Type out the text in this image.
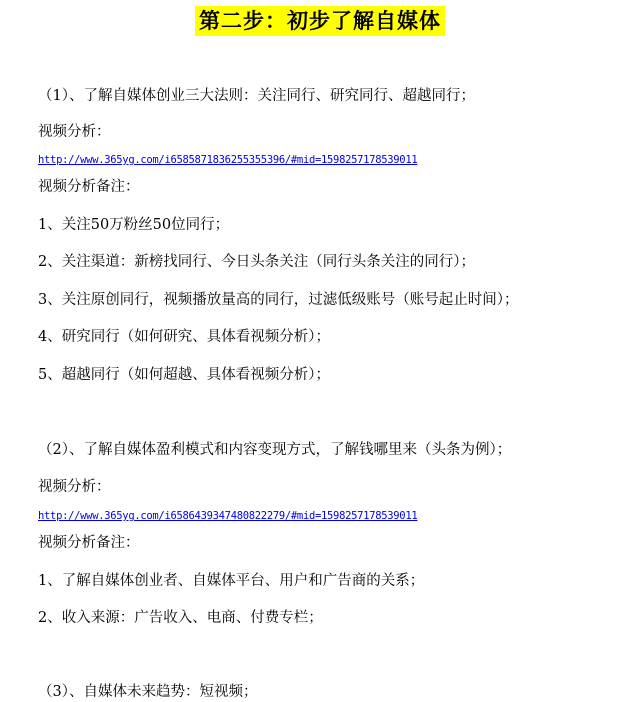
第二步：初步了解自媒体
（1）、了解自媒体创业三大法则：关注同行、研究同行、超越同行；
视频分析：
http://www.365yg.com/i6585871836255355396/#mid=1598257178539011
视频分析备注：
1、关注50万粉丝50位同行；
2、关注渠道：新榜找同行、今日头条关注（同行头条关注的同行）；
3、关注原创同行，视频播放量高的同行，过滤低级账号（账号起止时间）；
4、研究同行（如何研究、具体看视频分析）；
5、超越同行（如何超越、具体看视频分析）；
（2）、了解自媒体盈利模式和内容变现方式，了解钱哪里来（头条为例）；
视频分析：
http://www.365yg.com/i6586439347480822279/#mid=1598257178539011
视频分析备注：
1、了解自媒体创业者、自媒体平台、用户和广告商的关系；
2、收入来源：广告收入、电商、付费专栏；
（3）、自媒体未来趋势：短视频；
